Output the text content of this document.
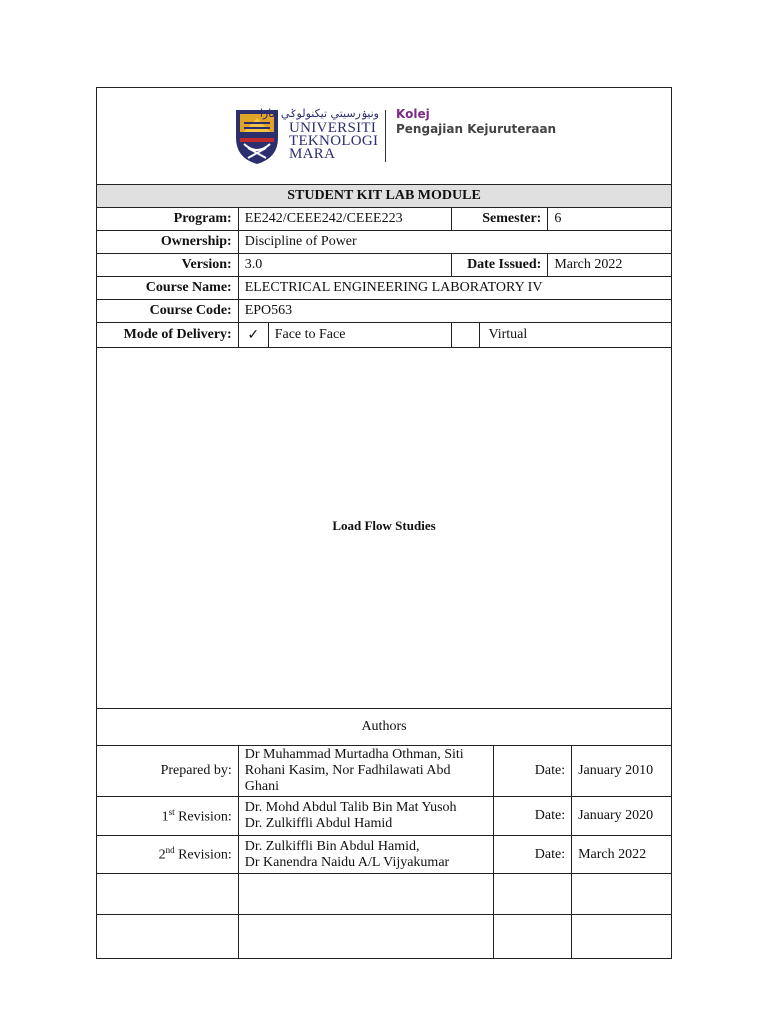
ونيۏرسيتي تيکنولوݢي مارا
UNIVERSITI
TEKNOLOGI
MARA
Kolej
Pengajian Kejuruteraan
STUDENT KIT LAB MODULE				
Program:	EE242/CEEE242/CEEE223		Semester:	6
Ownership:	Discipline of Power			
Version:	3.0		Date Issued:	March 2022
Course Name:	ELECTRICAL ENGINEERING LABORATORY IV			
Course Code:	EPO563			
Mode of Delivery:	✓	Face to Face	Virtual	
Load Flow Studies
Authors			
Prepared by:	Dr Muhammad Murtadha Othman, Siti
Rohani Kasim, Nor Fadhilawati Abd
Ghani	Date:	January 2010
1st Revision:	Dr. Mohd Abdul Talib Bin Mat Yusoh
Dr. Zulkiffli Abdul Hamid	Date:	January 2020
2nd Revision:	Dr. Zulkiffli Bin Abdul Hamid,
Dr Kanendra Naidu A/L Vijyakumar	Date:	March 2022
